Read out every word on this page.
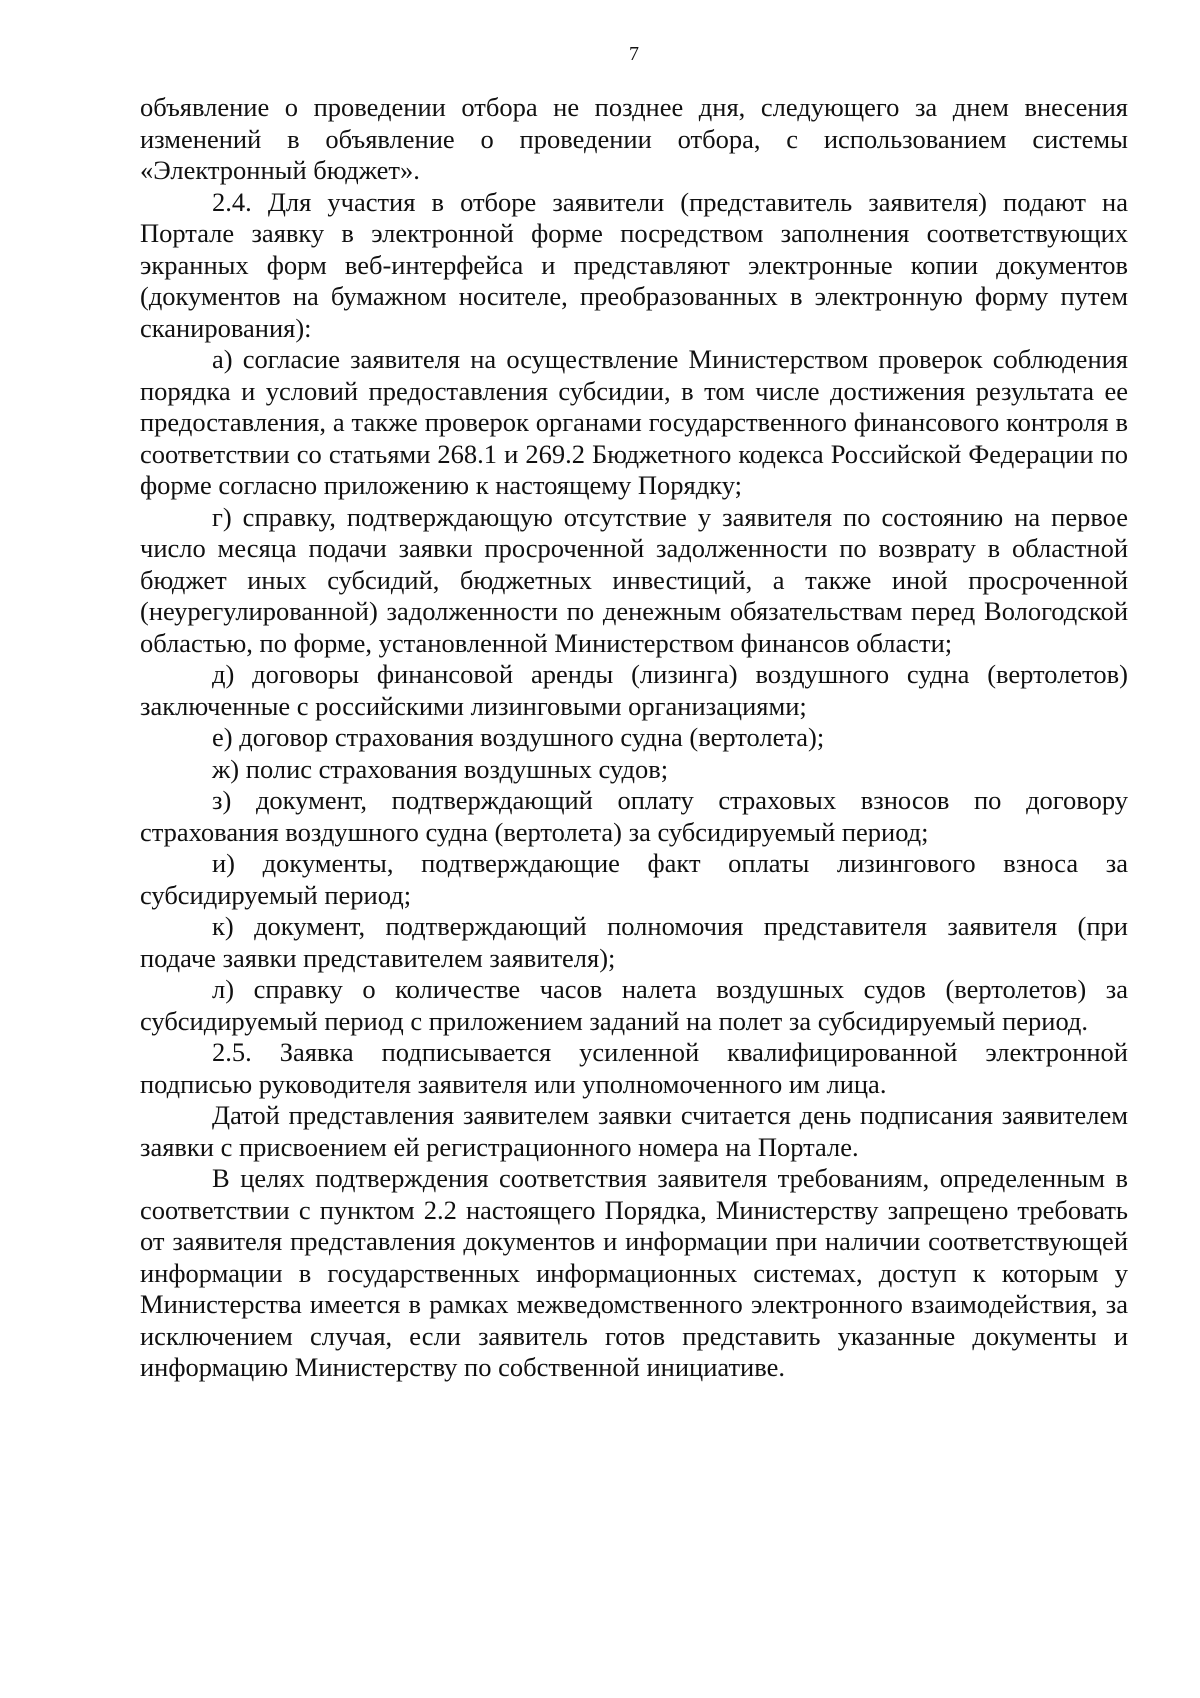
7

объявление о проведении отбора не позднее дня, следующего за днем внесения изменений в объявление о проведении отбора, с использованием системы «Электронный бюджет».

2.4. Для участия в отборе заявители (представитель заявителя) подают на Портале заявку в электронной форме посредством заполнения соответствующих экранных форм веб-интерфейса и представляют электронные копии документов (документов на бумажном носителе, преобразованных в электронную форму путем сканирования):

а) согласие заявителя на осуществление Министерством проверок соблюдения порядка и условий предоставления субсидии, в том числе достижения результата ее предоставления, а также проверок органами государственного финансового контроля в соответствии со статьями 268.1 и 269.2 Бюджетного кодекса Российской Федерации по форме согласно приложению к настоящему Порядку;

г) справку, подтверждающую отсутствие у заявителя по состоянию на первое число месяца подачи заявки просроченной задолженности по возврату в областной бюджет иных субсидий, бюджетных инвестиций, а также иной просроченной (неурегулированной) задолженности по денежным обязательствам перед Вологодской областью, по форме, установленной Министерством финансов области;

д) договоры финансовой аренды (лизинга) воздушного судна (вертолетов) заключенные с российскими лизинговыми организациями;

е) договор страхования воздушного судна (вертолета);

ж) полис страхования воздушных судов;

з) документ, подтверждающий оплату страховых взносов по договору страхования воздушного судна (вертолета) за субсидируемый период;

и) документы, подтверждающие факт оплаты лизингового взноса за субсидируемый период;

к) документ, подтверждающий полномочия представителя заявителя (при подаче заявки представителем заявителя);

л) справку о количестве часов налета воздушных судов (вертолетов) за субсидируемый период с приложением заданий на полет за субсидируемый период.

2.5. Заявка подписывается усиленной квалифицированной электронной подписью руководителя заявителя или уполномоченного им лица.

Датой представления заявителем заявки считается день подписания заявителем заявки с присвоением ей регистрационного номера на Портале.

В целях подтверждения соответствия заявителя требованиям, определенным в соответствии с пунктом 2.2 настоящего Порядка, Министерству запрещено требовать от заявителя представления документов и информации при наличии соответствующей информации в государственных информационных системах, доступ к которым у Министерства имеется в рамках межведомственного электронного взаимодействия, за исключением случая, если заявитель готов представить указанные документы и информацию Министерству по собственной инициативе.
